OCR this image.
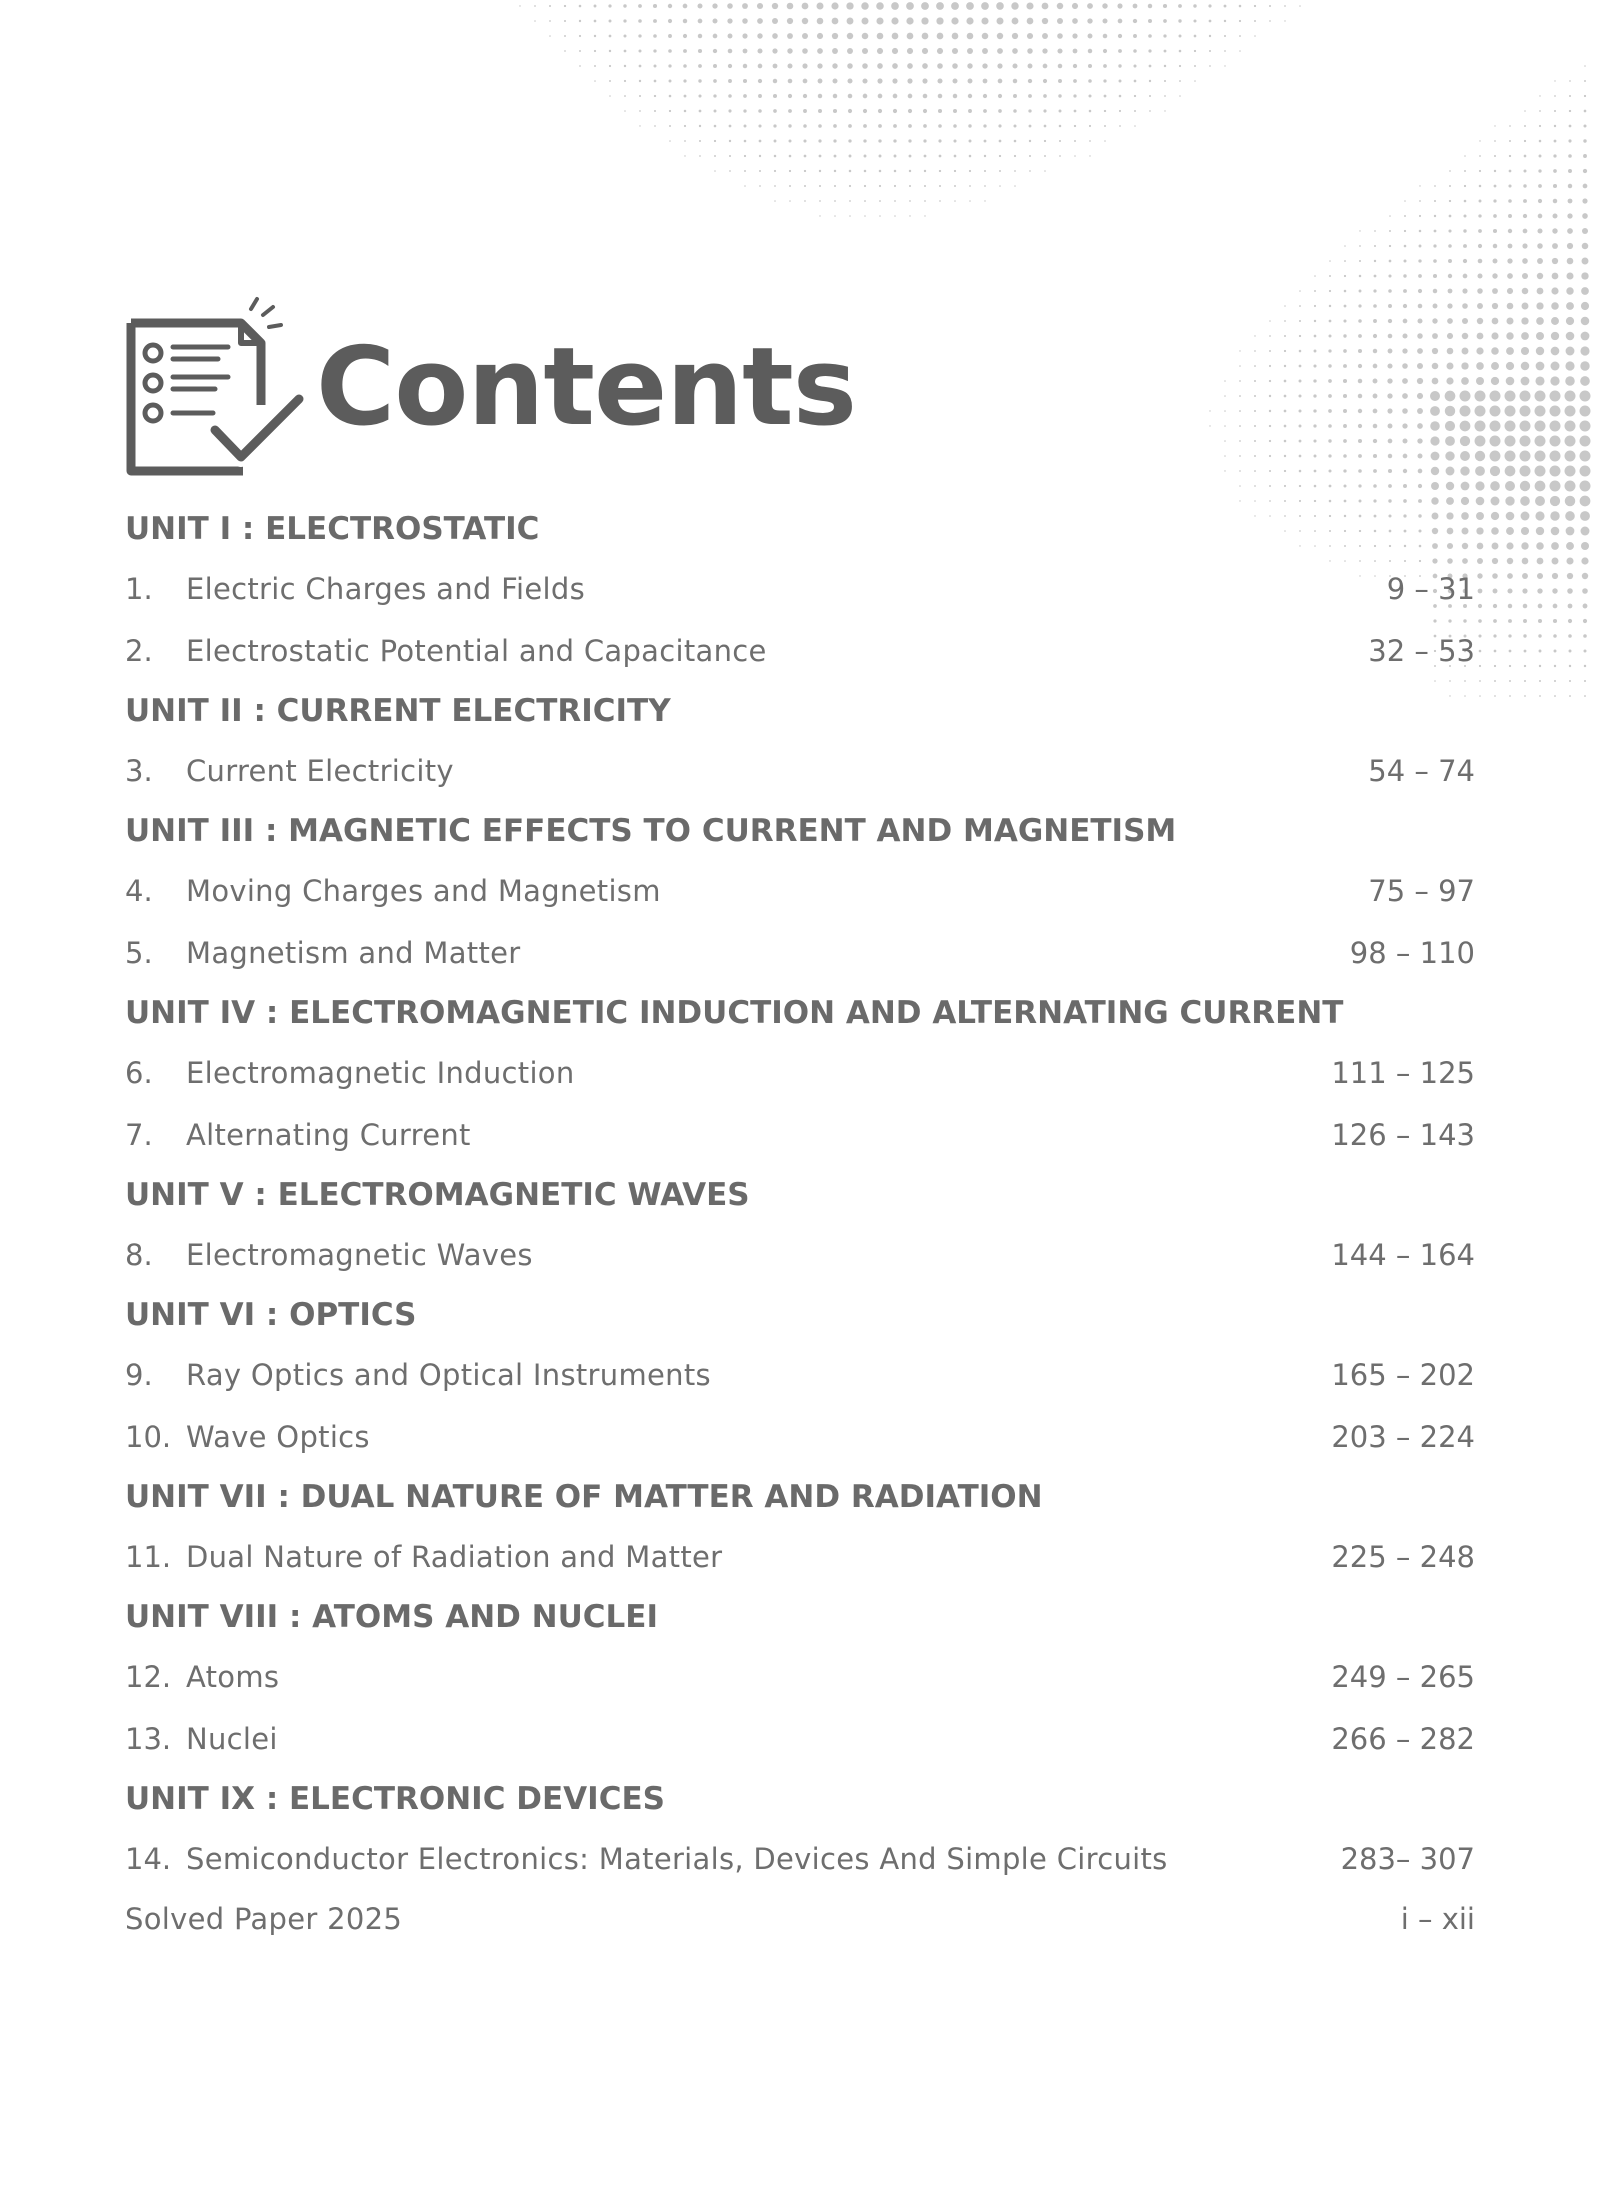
Contents
UNIT I : ELECTROSTATIC
1.	Electric Charges and Fields	9 – 31
2.	Electrostatic Potential and Capacitance	32 – 53
UNIT II : CURRENT ELECTRICITY
3.	Current Electricity	54 – 74
UNIT III : MAGNETIC EFFECTS TO CURRENT AND MAGNETISM
4.	Moving Charges and Magnetism	75 – 97
5.	Magnetism and Matter	98 – 110
UNIT IV : ELECTROMAGNETIC INDUCTION AND ALTERNATING CURRENT
6.	Electromagnetic Induction	111 – 125
7.	Alternating Current	126 – 143
UNIT V : ELECTROMAGNETIC WAVES
8.	Electromagnetic Waves	144 – 164
UNIT VI : OPTICS
9.	Ray Optics and Optical Instruments	165 – 202
10. Wave Optics	203 – 224
UNIT VII : DUAL NATURE OF MATTER AND RADIATION
11. Dual Nature of Radiation and Matter	225 – 248
UNIT VIII : ATOMS AND NUCLEI
12. Atoms	249 – 265
13. Nuclei	266 – 282
UNIT IX : ELECTRONIC DEVICES
14. Semiconductor Electronics: Materials, Devices And Simple Circuits	283– 307
Solved Paper 2025	i – xii
